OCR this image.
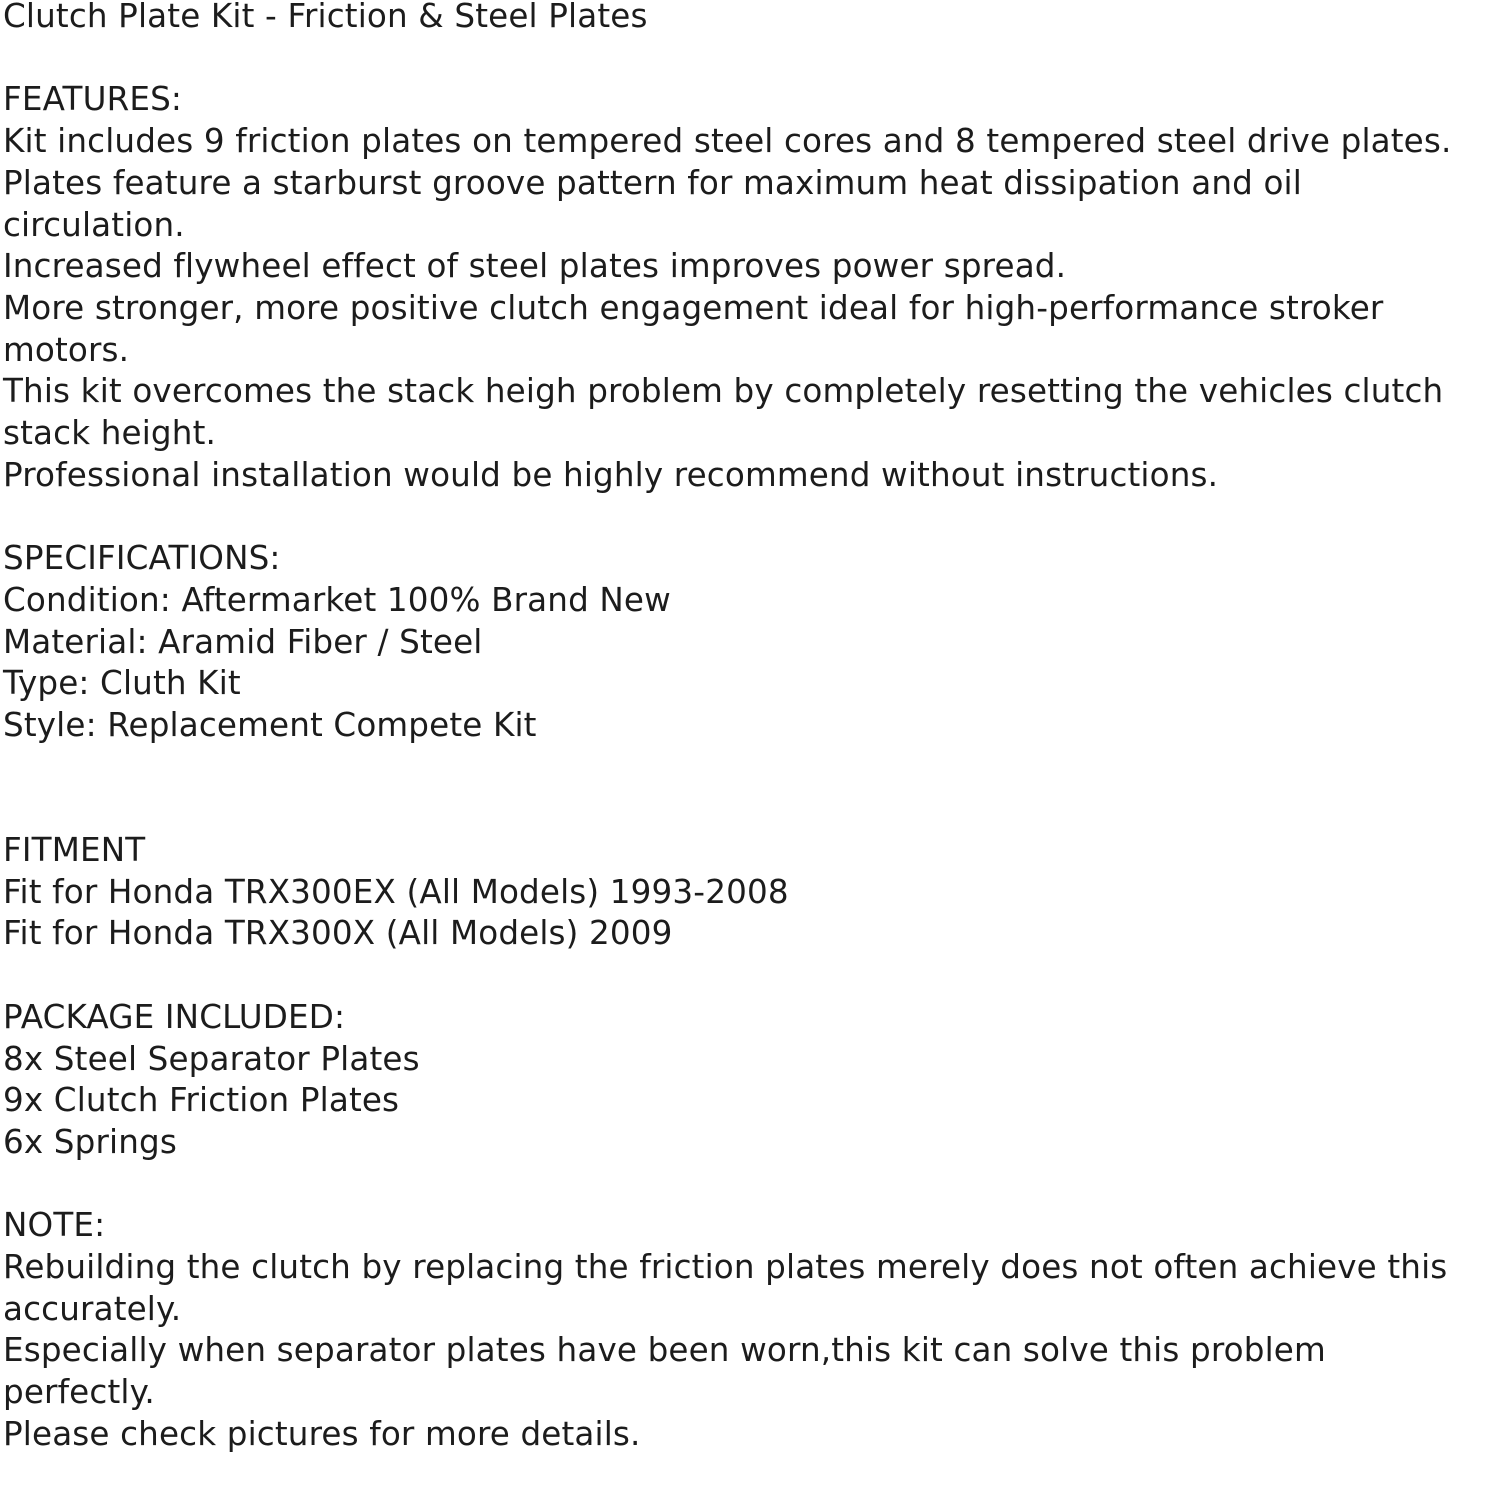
Clutch Plate Kit - Friction & Steel Plates
FEATURES:
Kit includes 9 friction plates on tempered steel cores and 8 tempered steel drive plates.
Plates feature a starburst groove pattern for maximum heat dissipation and oil circulation.
Increased flywheel effect of steel plates improves power spread.
More stronger, more positive clutch engagement ideal for high-performance stroker motors.
This kit overcomes the stack heigh problem by completely resetting the vehicles clutch stack height.
Professional installation would be highly recommend without instructions.
SPECIFICATIONS:
Condition: Aftermarket 100% Brand New
Material: Aramid Fiber / Steel
Type: Cluth Kit
Style: Replacement Compete Kit
FITMENT
Fit for Honda TRX300EX (All Models) 1993-2008
Fit for Honda TRX300X (All Models) 2009
PACKAGE INCLUDED:
8x Steel Separator Plates
9x Clutch Friction Plates
6x Springs
NOTE:
Rebuilding the clutch by replacing the friction plates merely does not often achieve this accurately.
Especially when separator plates have been worn,this kit can solve this problem perfectly.
Please check pictures for more details.
